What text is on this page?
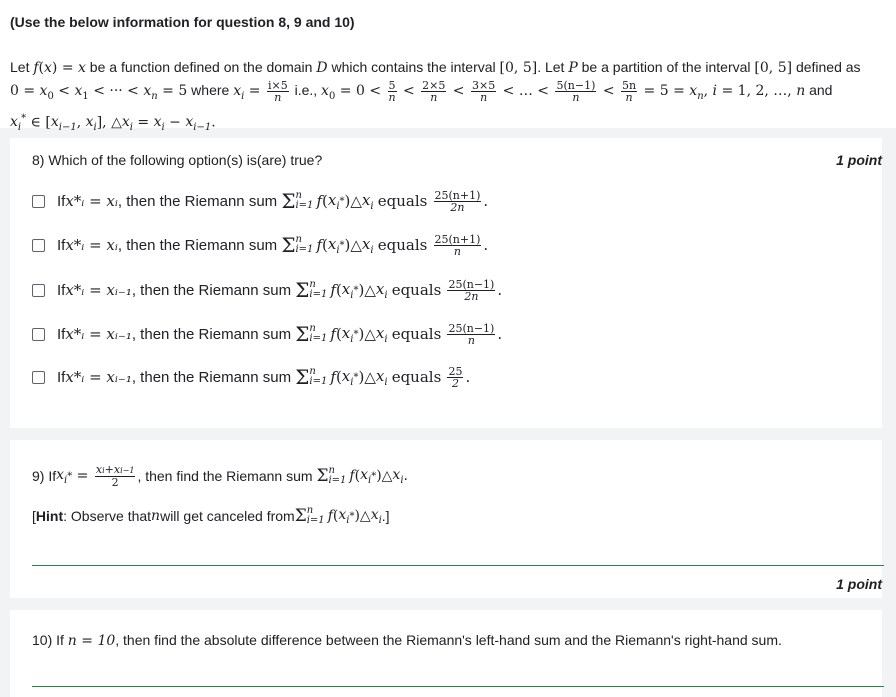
(Use the below information for question 8, 9 and 10)
Let f(x) = x be a function defined on the domain D which contains the interval [0, 5]. Let P be a partition of the interval [0, 5] defined as
$0 = x_0 < x_1$ < ··· < $x_n = 5$ where $x_i = \frac{i\times 5}{n} i.e$., $x_0 = 0 < \frac{5}{n} < \frac{2\times 5}{n} < \frac{3\times 5}{n}$ < … < $\frac{5(n-1)}{n} < \frac{5n}{n} = 5 = x_n$, i = 1, 2, …, n and
$x_i^*$ ∈ [$x_{i-1}$, $x_i$], $\triangle x_i = x_i - x_{i-1}$.
8) Which of the following option(s) is(are) true?	1 point
If x*ᵢ = xᵢ , then the Riemann sum
Σ n
i=1 f ( $x_i$ * )△ $x_i$
equals
$\frac{25(n+1)}{2n}$ .
If x*ᵢ = xᵢ , then the Riemann sum
Σ n
i=1 f ( $x_i$ * )△ $x_i$
equals
$\frac{25(n+1)}{n}$ .
If x*ᵢ = xᵢ₋₁ , then the Riemann sum
Σ n
i=1 f ( $x_i$ * )△ $x_i$
equals
$\frac{25(n-1)}{2n}$ .
If x*ᵢ = xᵢ₋₁ , then the Riemann sum
Σ n
i=1 f ( $x_i$ * )△ $x_i$
equals
$\frac{25(n-1)}{n}$ .
If x*ᵢ = xᵢ₋₁ , then the Riemann sum
Σ n
i=1 f ( $x_i$ * )△ $x_i$
equals
$\frac{25}{2}$ .
9) If $x_i$ * = $\frac{xi+xi-1}{2}$ , then find the Riemann sum
Σ n
i=1 f ( $x_i$ * )△ $x_i$ .
[ Hint : Observe that n will get canceled from Σ n
i=1 f ( $x_i$ * )△ $x_i$ .]
1 point
10) If n = 10, then find the absolute difference between the Riemann's left-hand sum and the Riemann's right-hand sum.
